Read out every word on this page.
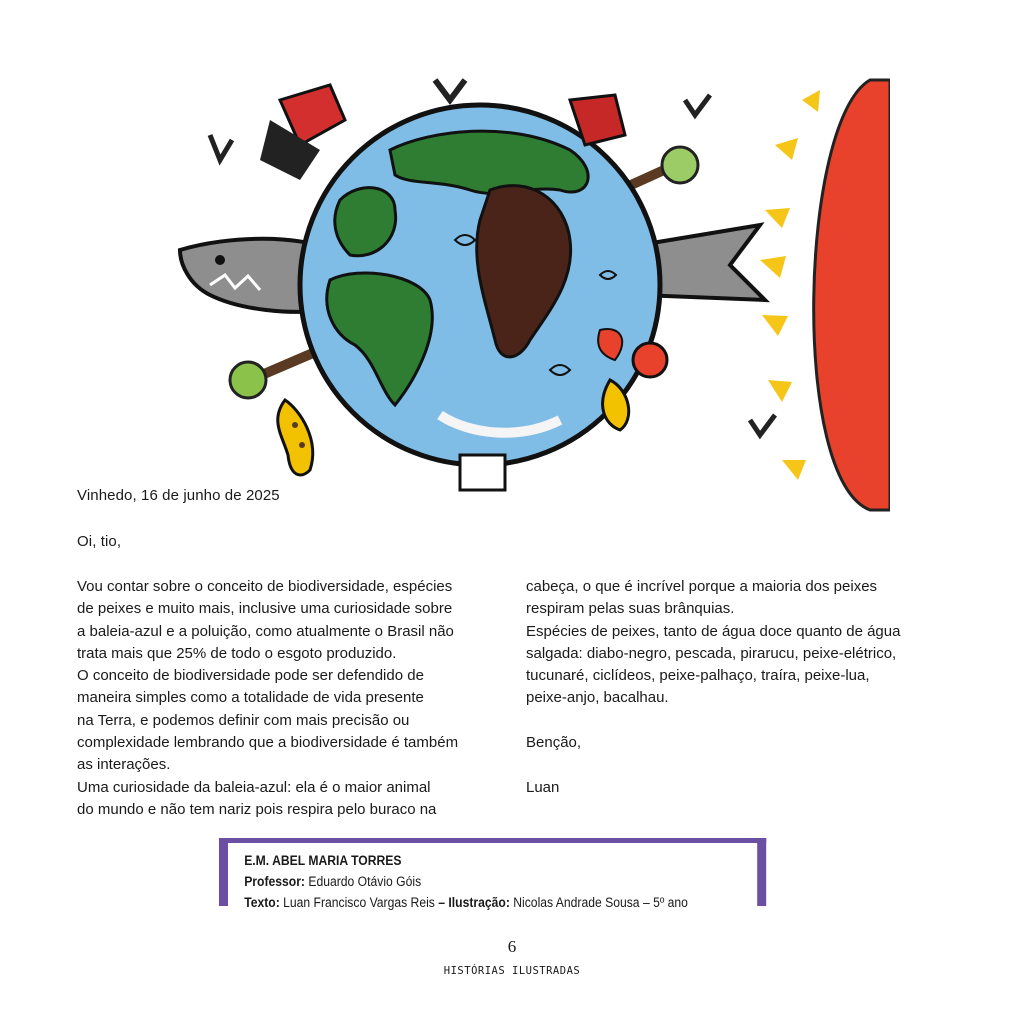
Vinhedo, 16 de junho de 2025
Oi, tio,

Vou contar sobre o conceito de biodiversidade, espécies

de peixes e muito mais, inclusive uma curiosidade sobre

a baleia-azul e a poluição, como atualmente o Brasil não

trata mais que 25% de todo o esgoto produzido.

O conceito de biodiversidade pode ser defendido de

maneira simples como a totalidade de vida presente

na Terra, e podemos definir com mais precisão ou

complexidade lembrando que a biodiversidade é também

as interações.

Uma curiosidade da baleia-azul: ela é o maior animal

do mundo e não tem nariz pois respira pelo buraco na

cabeça, o que é incrível porque a maioria dos peixes

respiram pelas suas brânquias.

Espécies de peixes, tanto de água doce quanto de água

salgada: diabo-negro, pescada, pirarucu, peixe-elétrico,

tucunaré, ciclídeos, peixe-palhaço, traíra, peixe-lua,

peixe-anjo, bacalhau.

Benção,

Luan

E.M. ABEL MARIA TORRES
Professor: Eduardo Otávio Góis
Texto: Luan Francisco Vargas Reis – Ilustração: Nicolas Andrade Sousa – 5º ano
6
HISTÓRIAS ILUSTRADAS
